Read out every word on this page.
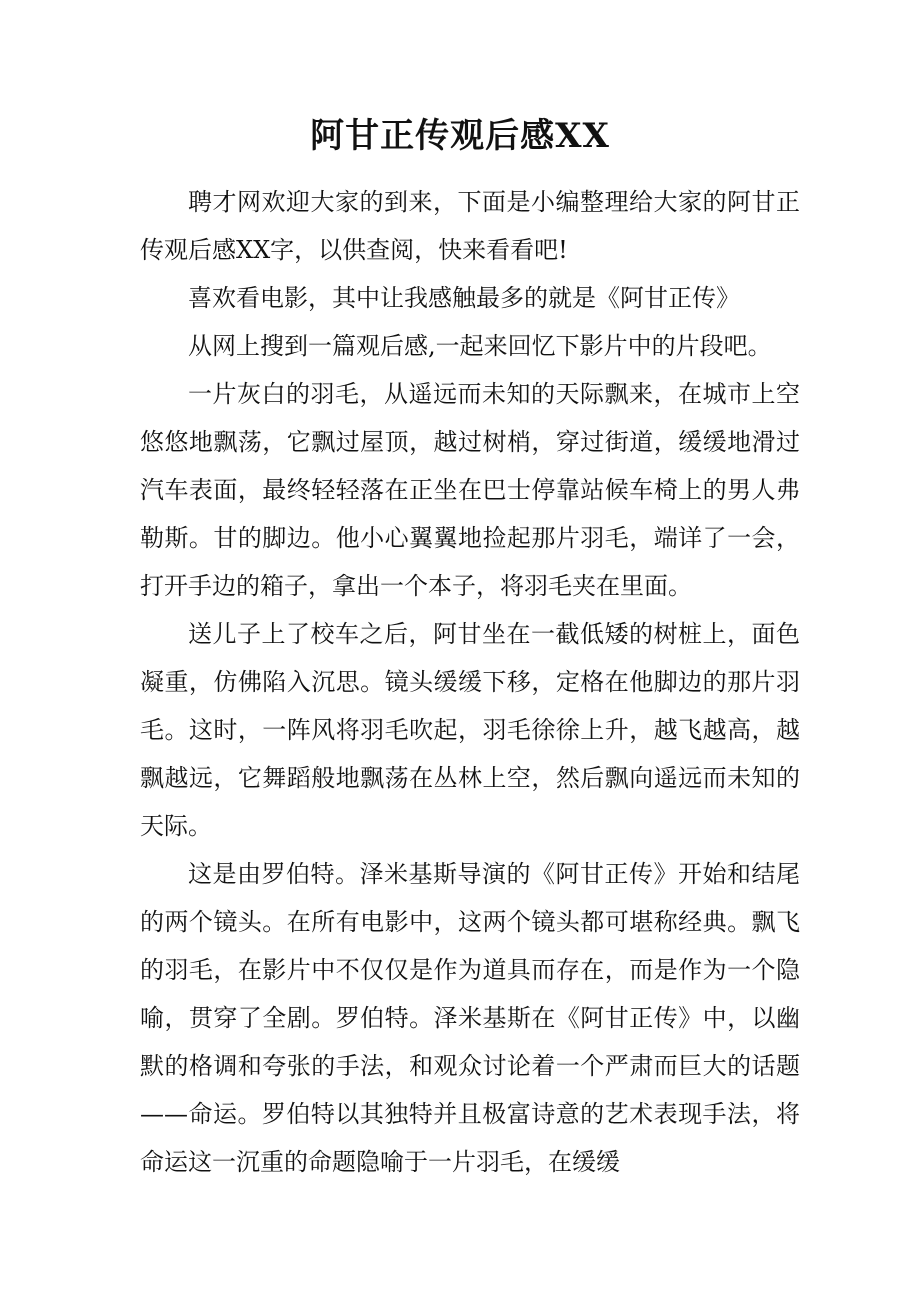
阿甘正传观后感XX

聘才网欢迎大家的到来，下面是小编整理给大家的阿甘正传观后感XX字，以供查阅，快来看看吧!

喜欢看电影，其中让我感触最多的就是《阿甘正传》

从网上搜到一篇观后感,一起来回忆下影片中的片段吧。

一片灰白的羽毛，从遥远而未知的天际飘来，在城市上空悠悠地飘荡，它飘过屋顶，越过树梢，穿过街道，缓缓地滑过汽车表面，最终轻轻落在正坐在巴士停靠站候车椅上的男人弗勒斯。甘的脚边。他小心翼翼地捡起那片羽毛，端详了一会，打开手边的箱子，拿出一个本子，将羽毛夹在里面。

送儿子上了校车之后，阿甘坐在一截低矮的树桩上，面色凝重，仿佛陷入沉思。镜头缓缓下移，定格在他脚边的那片羽毛。这时，一阵风将羽毛吹起，羽毛徐徐上升，越飞越高，越飘越远，它舞蹈般地飘荡在丛林上空，然后飘向遥远而未知的天际。

这是由罗伯特。泽米基斯导演的《阿甘正传》开始和结尾的两个镜头。在所有电影中，这两个镜头都可堪称经典。飘飞的羽毛，在影片中不仅仅是作为道具而存在，而是作为一个隐喻，贯穿了全剧。罗伯特。泽米基斯在《阿甘正传》中，以幽默的格调和夸张的手法，和观众讨论着一个严肃而巨大的话题——命运。罗伯特以其独特并且极富诗意的艺术表现手法，将命运这一沉重的命题隐喻于一片羽毛，在缓缓
